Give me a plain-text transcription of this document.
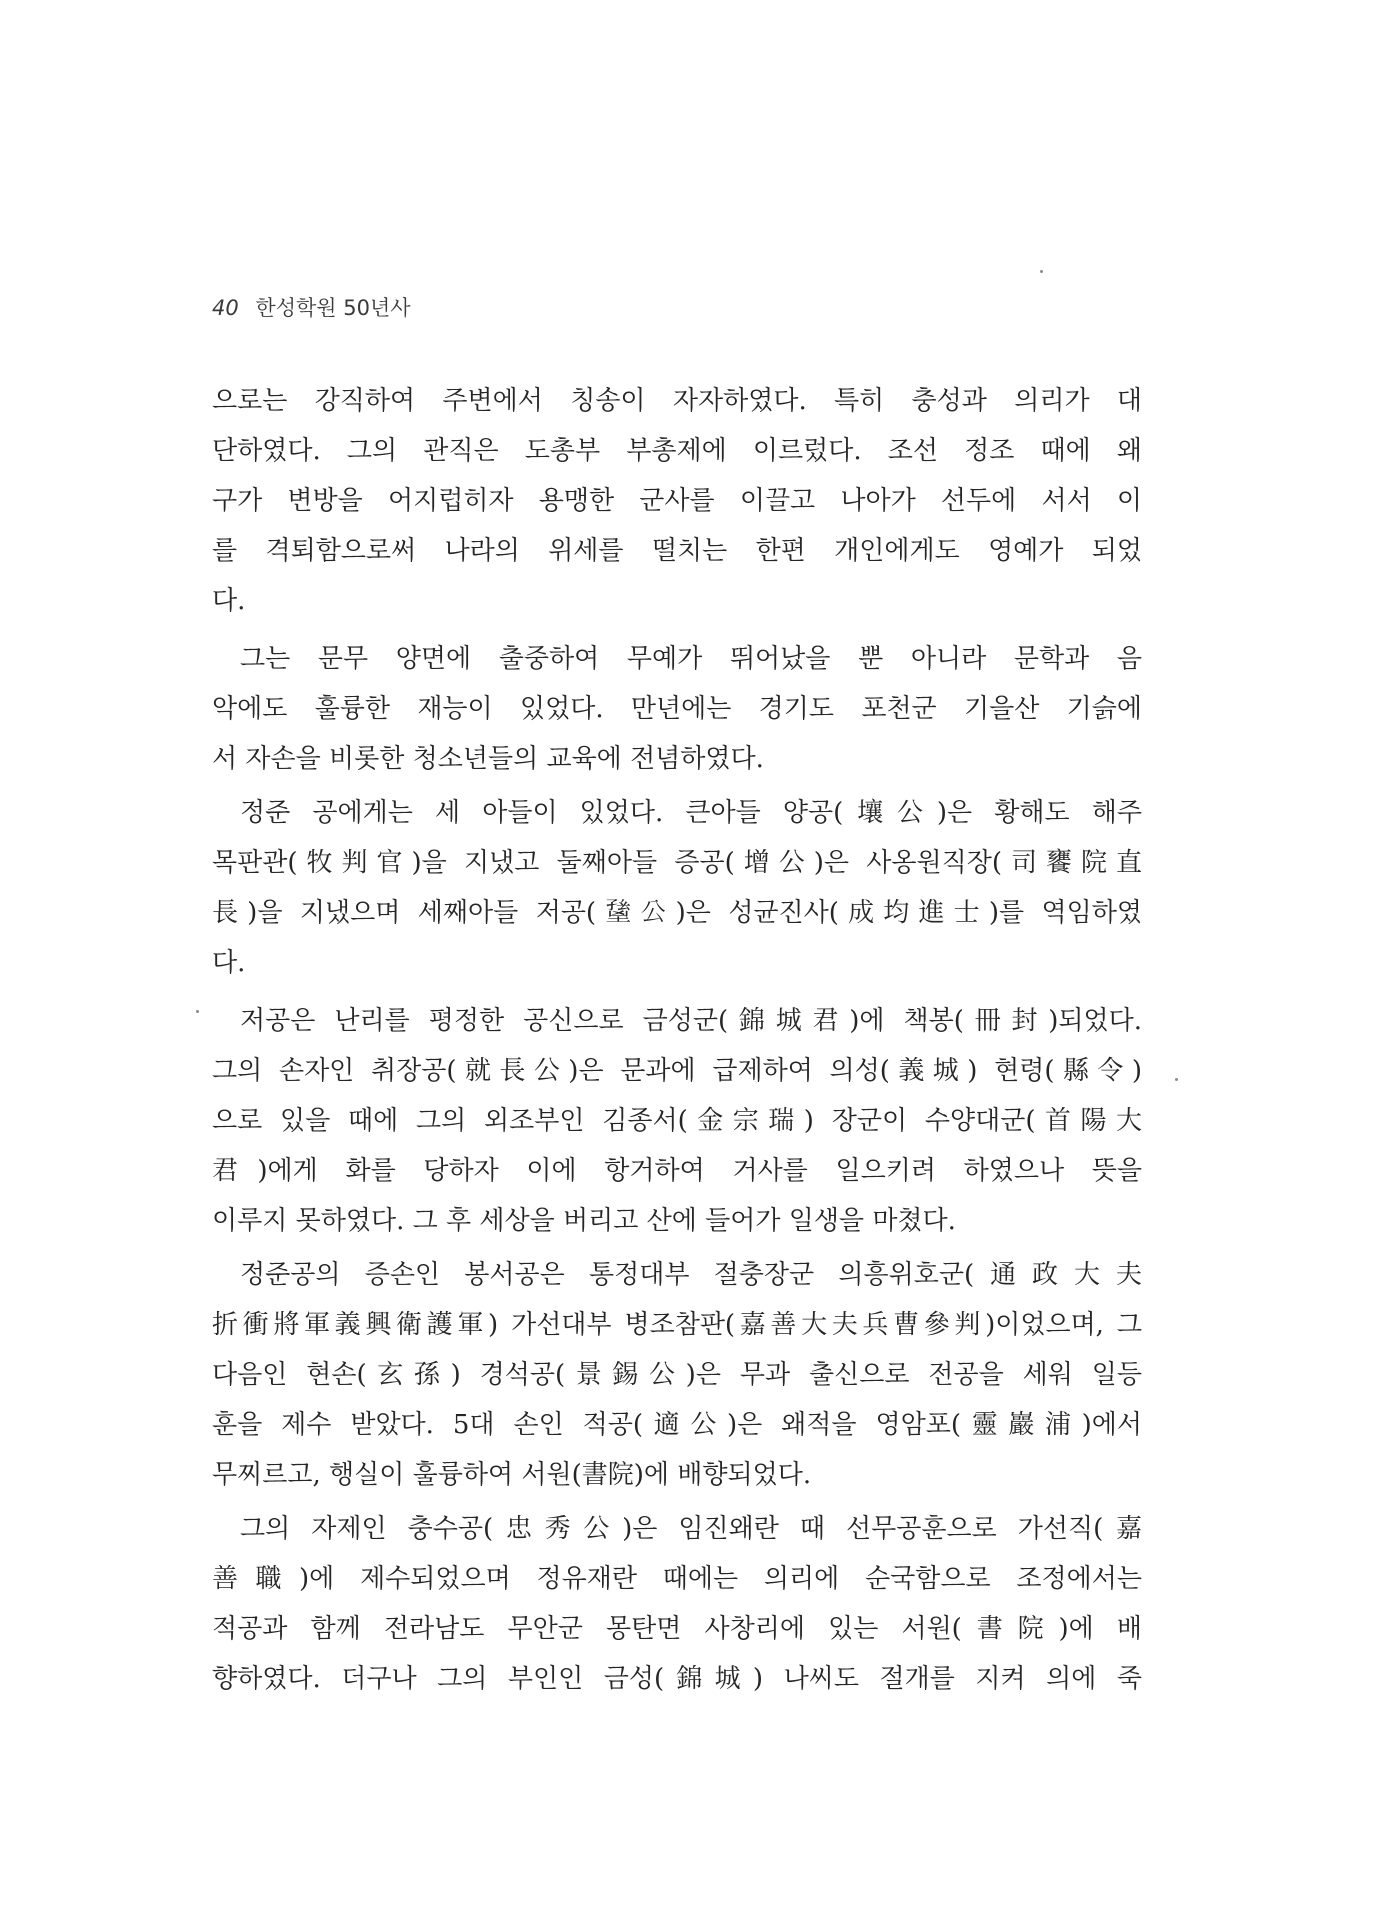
40 한성학원 50년사
으로는 강직하여 주변에서 칭송이 자자하였다. 특히 충성과 의리가 대
단하였다. 그의 관직은 도총부 부총제에 이르렀다. 조선 정조 때에 왜
구가 변방을 어지럽히자 용맹한 군사를 이끌고 나아가 선두에 서서 이
를 격퇴함으로써 나라의 위세를 떨치는 한편 개인에게도 영예가 되었
다.
그는 문무 양면에 출중하여 무예가 뛰어났을 뿐 아니라 문학과 음
악에도 훌륭한 재능이 있었다. 만년에는 경기도 포천군 기을산 기슭에
서 자손을 비롯한 청소년들의 교육에 전념하였다.
정준 공에게는 세 아들이 있었다. 큰아들 양공(壤公)은 황해도 해주
목판관(牧判官)을 지냈고 둘째아들 증공(增公)은 사옹원직장(司饔院直
長)을 지냈으며 세째아들 저공(𡏸公)은 성균진사(成均進士)를 역임하였
다.
저공은 난리를 평정한 공신으로 금성군(錦城君)에 책봉(冊封)되었다.
그의 손자인 취장공(就長公)은 문과에 급제하여 의성(義城) 현령(縣令)
으로 있을 때에 그의 외조부인 김종서(金宗瑞) 장군이 수양대군(首陽大
君)에게 화를 당하자 이에 항거하여 거사를 일으키려 하였으나 뜻을
이루지 못하였다. 그 후 세상을 버리고 산에 들어가 일생을 마쳤다.
정준공의 증손인 봉서공은 통정대부 절충장군 의흥위호군(通政大夫
折衝將軍義興衛護軍) 가선대부 병조참판(嘉善大夫兵曹參判)이었으며, 그
다음인 현손(玄孫) 경석공(景錫公)은 무과 출신으로 전공을 세워 일등
훈을 제수 받았다. 5대 손인 적공(適公)은 왜적을 영암포(靈巖浦)에서
무찌르고, 행실이 훌륭하여 서원(書院)에 배향되었다.
그의 자제인 충수공(忠秀公)은 임진왜란 때 선무공훈으로 가선직(嘉
善職)에 제수되었으며 정유재란 때에는 의리에 순국함으로 조정에서는
적공과 함께 전라남도 무안군 몽탄면 사창리에 있는 서원(書院)에 배
향하였다. 더구나 그의 부인인 금성(錦城) 나씨도 절개를 지켜 의에 죽
